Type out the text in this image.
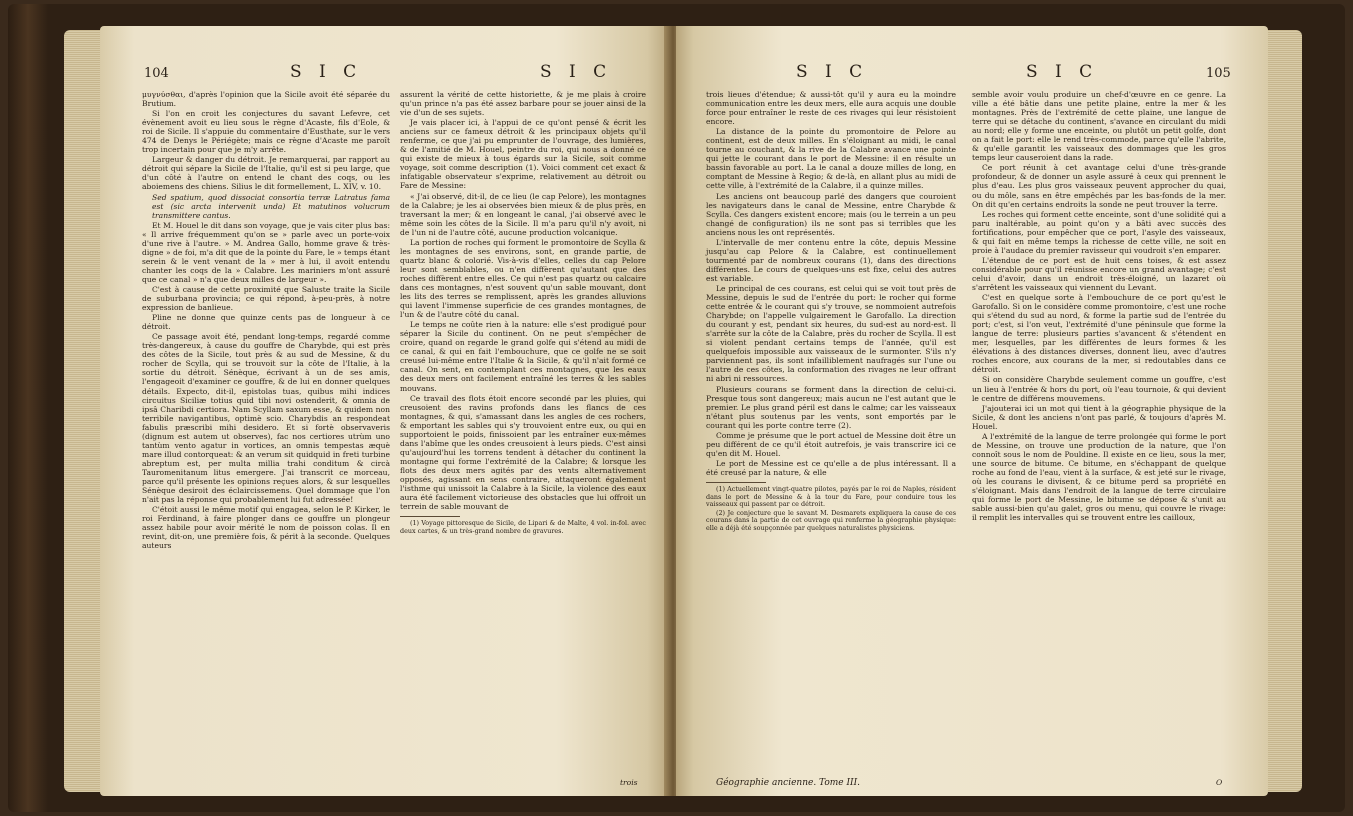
104	S I C	S I C

μυγνύσθαι, d'après l'opinion que la Sicile avoit été séparée du Brutium.

Si l'on en croit les conjectures du savant Lefevre, cet évènement avoit eu lieu sous le règne d'Acaste, fils d'Eole, & roi de Sicile. Il s'appuie du commentaire d'Eusthate, sur le vers 474 de Denys le Périégète; mais ce règne d'Acaste me paroît trop incertain pour que je m'y arrête.

Largeur & danger du détroit. Je remarquerai, par rapport au détroit qui sépare la Sicile de l'Italie, qu'il est si peu large, que d'un côté à l'autre on entend le chant des coqs, ou les aboiemens des chiens. Silius le dit formellement, L. XIV, v. 10.

Sed spatium, quod dissociat consortia terræ Latratus fama est (sic arcta intervenit unda) Et matutinos volucrum transmittere cantus.

Et M. Houel le dit dans son voyage, que je vais citer plus bas: « Il arrive fréquemment qu'on se » parle avec un porte-voix d'une rive à l'autre. » M. Andrea Gallo, homme grave & très-digne » de foi, m'a dit que de la pointe du Fare, le » temps étant serein & le vent venant de la » mer à lui, il avoit entendu chanter les coqs de la » Calabre. Les mariniers m'ont assuré que ce canal » n'a que deux milles de largeur ».

C'est à cause de cette proximité que Saluste traite la Sicile de suburbana provincia; ce qui répond, à-peu-près, à notre expression de banlieue.

Pline ne donne que quinze cents pas de longueur à ce détroit.

Ce passage avoit été, pendant long-temps, regardé comme très-dangereux, à cause du gouffre de Charybde, qui est près des côtes de la Sicile, tout près & au sud de Messine, & du rocher de Scylla, qui se trouvoit sur la côte de l'Italie, à la sortie du détroit. Sénèque, écrivant à un de ses amis, l'engageoit d'examiner ce gouffre, & de lui en donner quelques détails. Expecto, dit-il, epistolas tuas, quibus mihi indices circuitus Siciliæ totius quid tibi novi ostenderit, & omnia de ipsâ Charibdi certiora. Nam Scyllam saxum esse, & quidem non terribile navigantibus, optimè scio. Charybdis an respondeat fabulis præscribi mihi desidero. Et si fortè observaveris (dignum est autem ut observes), fac nos certiores utrùm uno tantùm vento agatur in vortices, an omnis tempestas æquè mare illud contorqueat: & an verum sit quidquid in freti turbine abreptum est, per multa millia trahi conditum & circà Tauromenitanum litus emergere. J'ai transcrit ce morceau, parce qu'il présente les opinions reçues alors, & sur lesquelles Sénèque desiroit des éclaircissemens. Quel dommage que l'on n'ait pas la réponse qui probablement lui fut adressée!

C'étoit aussi le même motif qui engagea, selon le P. Kirker, le roi Ferdinand, à faire plonger dans ce gouffre un plongeur assez habile pour avoir mérité le nom de poisson colas. Il en revint, dit-on, une première fois, & périt à la seconde. Quelques auteurs

assurent la vérité de cette historiette, & je me plais à croire qu'un prince n'a pas été assez barbare pour se jouer ainsi de la vie d'un de ses sujets.

Je vais placer ici, à l'appui de ce qu'ont pensé & écrit les anciens sur ce fameux détroit & les principaux objets qu'il renferme, ce que j'ai pu emprunter de l'ouvrage, des lumières, & de l'amitié de M. Houel, peintre du roi, qui nous a donné ce qui existe de mieux à tous égards sur la Sicile, soit comme voyage, soit comme description (1). Voici comment cet exact & infatigable observateur s'exprime, relativement au détroit ou Fare de Messine:

« J'ai observé, dit-il, de ce lieu (le cap Pelore), les montagnes de la Calabre; je les ai observées bien mieux & de plus près, en traversant la mer; & en longeant le canal, j'ai observé avec le même soin les côtes de la Sicile. Il m'a paru qu'il n'y avoit, ni de l'un ni de l'autre côté, aucune production volcanique.

La portion de roches qui forment le promontoire de Scylla & les montagnes de ses environs, sont, en grande partie, de quartz blanc & colorié. Vis-à-vis d'elles, celles du cap Pelore leur sont semblables, ou n'en diffèrent qu'autant que des roches diffèrent entre elles. Ce qui n'est pas quartz ou calcaire dans ces montagnes, n'est souvent qu'un sable mouvant, dont les lits des terres se remplissent, après les grandes alluvions qui lavent l'immense superficie de ces grandes montagnes, de l'un & de l'autre côté du canal.

Le temps ne coûte rien à la nature: elle s'est prodigué pour séparer la Sicile du continent. On ne peut s'empêcher de croire, quand on regarde le grand golfe qui s'étend au midi de ce canal, & qui en fait l'embouchure, que ce golfe ne se soit creusé lui-même entre l'Italie & la Sicile, & qu'il n'ait formé ce canal. On sent, en contemplant ces montagnes, que les eaux des deux mers ont facilement entraîné les terres & les sables mouvans.

Ce travail des flots étoit encore secondé par les pluies, qui creusoient des ravins profonds dans les flancs de ces montagnes, & qui, s'amassant dans les angles de ces rochers, & emportant les sables qui s'y trouvoient entre eux, ou qui en supportoient le poids, finissoient par les entraîner eux-mêmes dans l'abîme que les ondes creusoient à leurs pieds. C'est ainsi qu'aujourd'hui les torrens tendent à détacher du continent la montagne qui forme l'extrémité de la Calabre; & lorsque les flots des deux mers agités par des vents alternativement opposés, agissant en sens contraire, attaqueront également l'isthme qui unissoit la Calabre à la Sicile, la violence des eaux aura été facilement victorieuse des obstacles que lui offroit un terrein de sable mouvant de

(1) Voyage pittoresque de Sicile, de Lipari & de Malte, 4 vol. in-fol. avec deux cartes, & un très-grand nombre de gravures.

trois
S I C	S I C	105

trois lieues d'étendue; & aussi-tôt qu'il y aura eu la moindre communication entre les deux mers, elle aura acquis une double force pour entraîner le reste de ces rivages qui leur résistoient encore.

La distance de la pointe du promontoire de Pelore au continent, est de deux milles. En s'éloignant au midi, le canal tourne au couchant, & la rive de la Calabre avance une pointe qui jette le courant dans le port de Messine: il en résulte un bassin favorable au port. La le canal a douze milles de long, en comptant de Messine à Regio; & de-là, en allant plus au midi de cette ville, à l'extrémité de la Calabre, il a quinze milles.

Les anciens ont beaucoup parlé des dangers que couroient les navigateurs dans le canal de Messine, entre Charybde & Scylla. Ces dangers existent encore; mais (ou le terrein a un peu changé de configuration) ils ne sont pas si terribles que les anciens nous les ont représentés.

L'intervalle de mer contenu entre la côte, depuis Messine jusqu'au cap Pelore & la Calabre, est continuellement tourmenté par de nombreux courans (1), dans des directions différentes. Le cours de quelques-uns est fixe, celui des autres est variable.

Le principal de ces courans, est celui qui se voit tout près de Messine, depuis le sud de l'entrée du port: le rocher qui forme cette entrée & le courant qui s'y trouve, se nommoient autrefois Charybde; on l'appelle vulgairement le Garofallo. La direction du courant y est, pendant six heures, du sud-est au nord-est. Il s'arrête sur la côte de la Calabre, près du rocher de Scylla. Il est si violent pendant certains temps de l'année, qu'il est quelquefois impossible aux vaisseaux de le surmonter. S'ils n'y parviennent pas, ils sont infailliblement naufragés sur l'une ou l'autre de ces côtes, la conformation des rivages ne leur offrant ni abri ni ressources.

Plusieurs courans se forment dans la direction de celui-ci. Presque tous sont dangereux; mais aucun ne l'est autant que le premier. Le plus grand péril est dans le calme; car les vaisseaux n'étant plus soutenus par les vents, sont emportés par le courant qui les porte contre terre (2).

Comme je présume que le port actuel de Messine doit être un peu différent de ce qu'il étoit autrefois, je vais transcrire ici ce qu'en dit M. Houel.

Le port de Messine est ce qu'elle a de plus intéressant. Il a été creusé par la nature, & elle

(1) Actuellement vingt-quatre pilotes, payés par le roi de Naples, résident dans le port de Messine & à la tour du Fare, pour conduire tous les vaisseaux qui passent par ce détroit.

(2) Je conjecture que le savant M. Desmarets expliquera la cause de ces courans dans la partie de cet ouvrage qui renferme la géographie physique: elle a déjà été soupçonnée par quelques naturalistes physiciens.

semble avoir voulu produire un chef-d'œuvre en ce genre. La ville a été bâtie dans une petite plaine, entre la mer & les montagnes. Près de l'extrémité de cette plaine, une langue de terre qui se détache du continent, s'avance en circulant du midi au nord; elle y forme une enceinte, ou plutôt un petit golfe, dont on a fait le port: elle le rend très-commode, parce qu'elle l'abrite, & qu'elle garantit les vaisseaux des dommages que les gros temps leur causeroient dans la rade.

Ce port réunit à cet avantage celui d'une très-grande profondeur, & de donner un asyle assuré à ceux qui prennent le plus d'eau. Les plus gros vaisseaux peuvent approcher du quai, ou du môle, sans en être empêchés par les bas-fonds de la mer. On dit qu'en certains endroits la sonde ne peut trouver la terre.

Les roches qui forment cette enceinte, sont d'une solidité qui a paru inaltérable, au point qu'on y a bâti avec succès des fortifications, pour empêcher que ce port, l'asyle des vaisseaux, & qui fait en même temps la richesse de cette ville, ne soit en proie à l'audace du premier ravisseur qui voudroit s'en emparer.

L'étendue de ce port est de huit cens toises, & est assez considérable pour qu'il réunisse encore un grand avantage; c'est celui d'avoir, dans un endroit très-éloigné, un lazaret où s'arrêtent les vaisseaux qui viennent du Levant.

C'est en quelque sorte à l'embouchure de ce port qu'est le Garofallo. Si on le considère comme promontoire, c'est une roche qui s'étend du sud au nord, & forme la partie sud de l'entrée du port; c'est, si l'on veut, l'extrémité d'une péninsule que forme la langue de terre: plusieurs parties s'avancent & s'étendent en mer, lesquelles, par les différentes de leurs formes & les élévations à des distances diverses, donnent lieu, avec d'autres roches encore, aux courans de la mer, si redoutables dans ce détroit.

Si on considère Charybde seulement comme un gouffre, c'est un lieu à l'entrée & hors du port, où l'eau tournoie, & qui devient le centre de différens mouvemens.

J'ajouterai ici un mot qui tient à la géographie physique de la Sicile, & dont les anciens n'ont pas parlé, & toujours d'après M. Houel.

A l'extrémité de la langue de terre prolongée qui forme le port de Messine, on trouve une production de la nature, que l'on connoît sous le nom de Pouldine. Il existe en ce lieu, sous la mer, une source de bitume. Ce bitume, en s'échappant de quelque roche au fond de l'eau, vient à la surface, & est jeté sur le rivage, où les courans le divisent, & ce bitume perd sa propriété en s'éloignant. Mais dans l'endroit de la langue de terre circulaire qui forme le port de Messine, le bitume se dépose & s'unit au sable aussi-bien qu'au galet, gros ou menu, qui couvre le rivage: il remplit les intervalles qui se trouvent entre les cailloux,

Géographie ancienne. Tome III.	O
